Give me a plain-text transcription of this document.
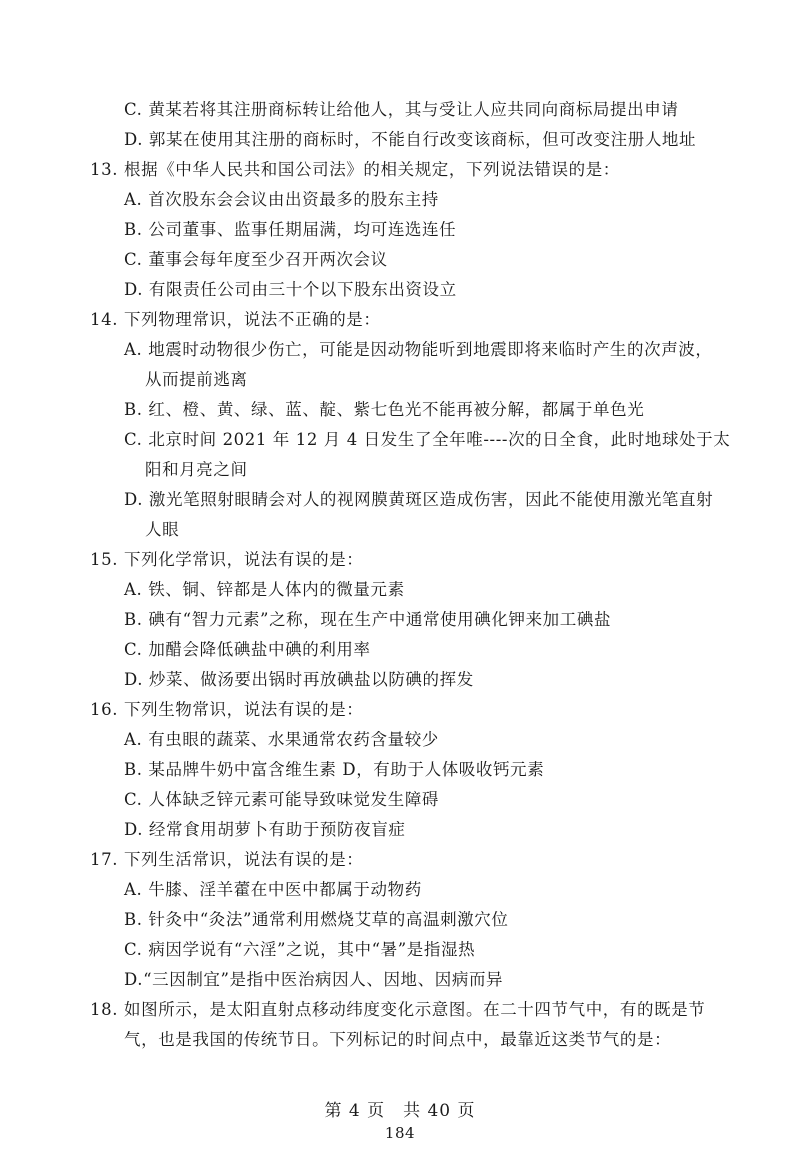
C. 黄某若将其注册商标转让给他人，其与受让人应共同向商标局提出申请
D. 郭某在使用其注册的商标时，不能自行改变该商标，但可改变注册人地址
13. 根据《中华人民共和国公司法》的相关规定，下列说法错误的是：
A. 首次股东会会议由出资最多的股东主持
B. 公司董事、监事任期届满，均可连选连任
C. 董事会每年度至少召开两次会议
D. 有限责任公司由三十个以下股东出资设立
14. 下列物理常识，说法不正确的是：
A. 地震时动物很少伤亡，可能是因动物能听到地震即将来临时产生的次声波，
从而提前逃离
B. 红、橙、黄、绿、蓝、靛、紫七色光不能再被分解，都属于单色光
C. 北京时间 2021 年 12 月 4 日发生了全年唯----次的日全食，此时地球处于太
阳和月亮之间
D. 激光笔照射眼睛会对人的视网膜黄斑区造成伤害，因此不能使用激光笔直射
人眼
15. 下列化学常识，说法有误的是：
A. 铁、铜、锌都是人体内的微量元素
B. 碘有“智力元素”之称，现在生产中通常使用碘化钾来加工碘盐
C. 加醋会降低碘盐中碘的利用率
D. 炒菜、做汤要出锅时再放碘盐以防碘的挥发
16. 下列生物常识，说法有误的是：
A. 有虫眼的蔬菜、水果通常农药含量较少
B. 某品牌牛奶中富含维生素 D，有助于人体吸收钙元素
C. 人体缺乏锌元素可能导致味觉发生障碍
D. 经常食用胡萝卜有助于预防夜盲症
17. 下列生活常识，说法有误的是：
A. 牛膝、淫羊藿在中医中都属于动物药
B. 针灸中“灸法”通常利用燃烧艾草的高温刺激穴位
C. 病因学说有“六淫”之说，其中“暑”是指湿热
D.“三因制宜”是指中医治病因人、因地、因病而异
18. 如图所示，是太阳直射点移动纬度变化示意图。在二十四节气中，有的既是节
气，也是我国的传统节日。下列标记的时间点中，最靠近这类节气的是：
第 4 页　共 40 页
184
